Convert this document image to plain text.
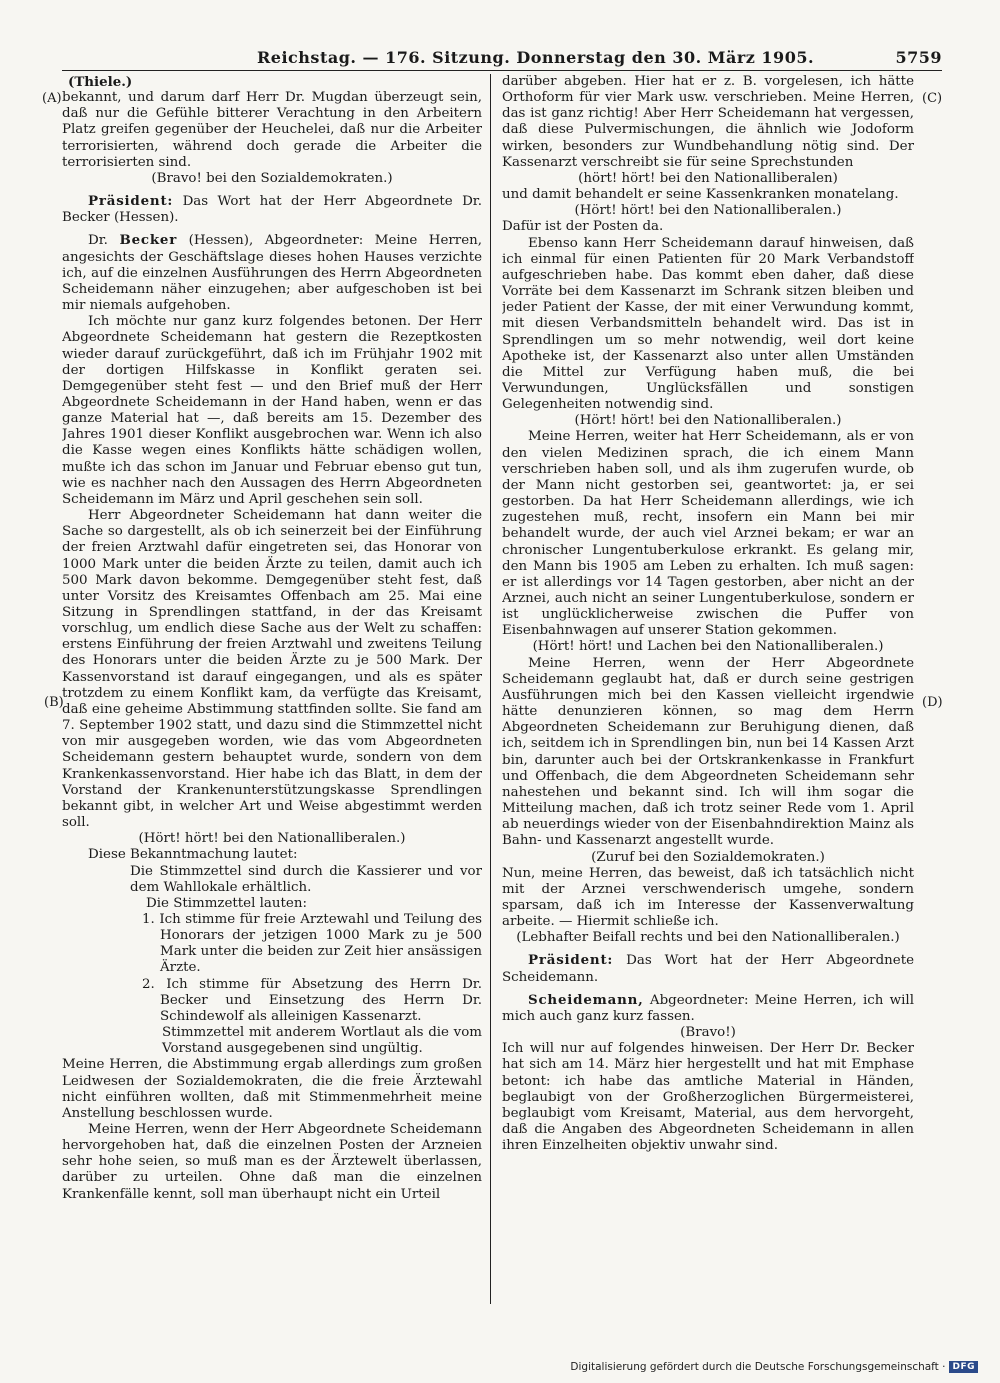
Reichstag. — 176. Sitzung. Donnerstag den 30. März 1905.	5759
(A)
(B)
(C)
(D)

(Thiele.)

bekannt, und darum darf Herr Dr. Mugdan überzeugt sein, daß nur die Gefühle bitterer Verachtung in den Arbeitern Platz greifen gegenüber der Heuchelei, daß nur die Arbeiter terrorisierten, während doch gerade die Arbeiter die terrorisierten sind.

(Bravo! bei den Sozialdemokraten.)

Präsident: Das Wort hat der Herr Abgeordnete Dr. Becker (Hessen).

Dr. Becker (Hessen), Abgeordneter: Meine Herren, angesichts der Geschäftslage dieses hohen Hauses verzichte ich, auf die einzelnen Ausführungen des Herrn Abgeordneten Scheidemann näher einzugehen; aber aufgeschoben ist bei mir niemals aufgehoben.

Ich möchte nur ganz kurz folgendes betonen. Der Herr Abgeordnete Scheidemann hat gestern die Rezeptkosten wieder darauf zurückgeführt, daß ich im Frühjahr 1902 mit der dortigen Hilfskasse in Konflikt geraten sei. Demgegenüber steht fest — und den Brief muß der Herr Abgeordnete Scheidemann in der Hand haben, wenn er das ganze Material hat —, daß bereits am 15. Dezember des Jahres 1901 dieser Konflikt ausgebrochen war. Wenn ich also die Kasse wegen eines Konflikts hätte schädigen wollen, mußte ich das schon im Januar und Februar ebenso gut tun, wie es nachher nach den Aussagen des Herrn Abgeordneten Scheidemann im März und April geschehen sein soll.

Herr Abgeordneter Scheidemann hat dann weiter die Sache so dargestellt, als ob ich seinerzeit bei der Einführung der freien Arztwahl dafür eingetreten sei, das Honorar von 1000 Mark unter die beiden Ärzte zu teilen, damit auch ich 500 Mark davon bekomme. Demgegenüber steht fest, daß unter Vorsitz des Kreisamtes Offenbach am 25. Mai eine Sitzung in Sprendlingen stattfand, in der das Kreisamt vorschlug, um endlich diese Sache aus der Welt zu schaffen: erstens Einführung der freien Arztwahl und zweitens Teilung des Honorars unter die beiden Ärzte zu je 500 Mark. Der Kassenvorstand ist darauf eingegangen, und als es später trotzdem zu einem Konflikt kam, da verfügte das Kreisamt, daß eine geheime Abstimmung stattfinden sollte. Sie fand am 7. September 1902 statt, und dazu sind die Stimmzettel nicht von mir ausgegeben worden, wie das vom Abgeordneten Scheidemann gestern behauptet wurde, sondern von dem Krankenkassenvorstand. Hier habe ich das Blatt, in dem der Vorstand der Krankenunterstützungskasse Sprendlingen bekannt gibt, in welcher Art und Weise abgestimmt werden soll.

(Hört! hört! bei den Nationalliberalen.)

Diese Bekanntmachung lautet:

Die Stimmzettel sind durch die Kassierer und vor dem Wahllokale erhältlich.

Die Stimmzettel lauten:

1. Ich stimme für freie Arztewahl und Teilung des Honorars der jetzigen 1000 Mark zu je 500 Mark unter die beiden zur Zeit hier ansässigen Ärzte.

2. Ich stimme für Absetzung des Herrn Dr. Becker und Einsetzung des Herrn Dr. Schindewolf als alleinigen Kassenarzt.

Stimmzettel mit anderem Wortlaut als die vom Vorstand ausgegebenen sind ungültig.

Meine Herren, die Abstimmung ergab allerdings zum großen Leidwesen der Sozialdemokraten, die die freie Ärztewahl nicht einführen wollten, daß mit Stimmenmehrheit meine Anstellung beschlossen wurde.

Meine Herren, wenn der Herr Abgeordnete Scheidemann hervorgehoben hat, daß die einzelnen Posten der Arzneien sehr hohe seien, so muß man es der Ärztewelt überlassen, darüber zu urteilen. Ohne daß man die einzelnen Krankenfälle kennt, soll man überhaupt nicht ein Urteil

darüber abgeben. Hier hat er z. B. vorgelesen, ich hätte Orthoform für vier Mark usw. verschrieben. Meine Herren, das ist ganz richtig! Aber Herr Scheidemann hat vergessen, daß diese Pulvermischungen, die ähnlich wie Jodoform wirken, besonders zur Wundbehandlung nötig sind. Der Kassenarzt verschreibt sie für seine Sprechstunden

(hört! hört! bei den Nationalliberalen)

und damit behandelt er seine Kassenkranken monatelang.

(Hört! hört! bei den Nationalliberalen.)

Dafür ist der Posten da.

Ebenso kann Herr Scheidemann darauf hinweisen, daß ich einmal für einen Patienten für 20 Mark Verbandstoff aufgeschrieben habe. Das kommt eben daher, daß diese Vorräte bei dem Kassenarzt im Schrank sitzen bleiben und jeder Patient der Kasse, der mit einer Verwundung kommt, mit diesen Verbandsmitteln behandelt wird. Das ist in Sprendlingen um so mehr notwendig, weil dort keine Apotheke ist, der Kassenarzt also unter allen Umständen die Mittel zur Verfügung haben muß, die bei Verwundungen, Unglücksfällen und sonstigen Gelegenheiten notwendig sind.

(Hört! hört! bei den Nationalliberalen.)

Meine Herren, weiter hat Herr Scheidemann, als er von den vielen Medizinen sprach, die ich einem Mann verschrieben haben soll, und als ihm zugerufen wurde, ob der Mann nicht gestorben sei, geantwortet: ja, er sei gestorben. Da hat Herr Scheidemann allerdings, wie ich zugestehen muß, recht, insofern ein Mann bei mir behandelt wurde, der auch viel Arznei bekam; er war an chronischer Lungentuberkulose erkrankt. Es gelang mir, den Mann bis 1905 am Leben zu erhalten. Ich muß sagen: er ist allerdings vor 14 Tagen gestorben, aber nicht an der Arznei, auch nicht an seiner Lungentuberkulose, sondern er ist unglücklicherweise zwischen die Puffer von Eisenbahnwagen auf unserer Station gekommen.

(Hört! hört! und Lachen bei den Nationalliberalen.)

Meine Herren, wenn der Herr Abgeordnete Scheidemann geglaubt hat, daß er durch seine gestrigen Ausführungen mich bei den Kassen vielleicht irgendwie hätte denunzieren können, so mag dem Herrn Abgeordneten Scheidemann zur Beruhigung dienen, daß ich, seitdem ich in Sprendlingen bin, nun bei 14 Kassen Arzt bin, darunter auch bei der Ortskrankenkasse in Frankfurt und Offenbach, die dem Abgeordneten Scheidemann sehr nahestehen und bekannt sind. Ich will ihm sogar die Mitteilung machen, daß ich trotz seiner Rede vom 1. April ab neuerdings wieder von der Eisenbahndirektion Mainz als Bahn- und Kassenarzt angestellt wurde.

(Zuruf bei den Sozialdemokraten.)

Nun, meine Herren, das beweist, daß ich tatsächlich nicht mit der Arznei verschwenderisch umgehe, sondern sparsam, daß ich im Interesse der Kassenverwaltung arbeite. — Hiermit schließe ich.

(Lebhafter Beifall rechts und bei den Nationalliberalen.)

Präsident: Das Wort hat der Herr Abgeordnete Scheidemann.

Scheidemann, Abgeordneter: Meine Herren, ich will mich auch ganz kurz fassen.

(Bravo!)

Ich will nur auf folgendes hinweisen. Der Herr Dr. Becker hat sich am 14. März hier hergestellt und hat mit Emphase betont: ich habe das amtliche Material in Händen, beglaubigt von der Großherzoglichen Bürgermeisterei, beglaubigt vom Kreisamt, Material, aus dem hervorgeht, daß die Angaben des Abgeordneten Scheidemann in allen ihren Einzelheiten objektiv unwahr sind.

Digitalisierung gefördert durch die Deutsche Forschungsgemeinschaft · DFG
